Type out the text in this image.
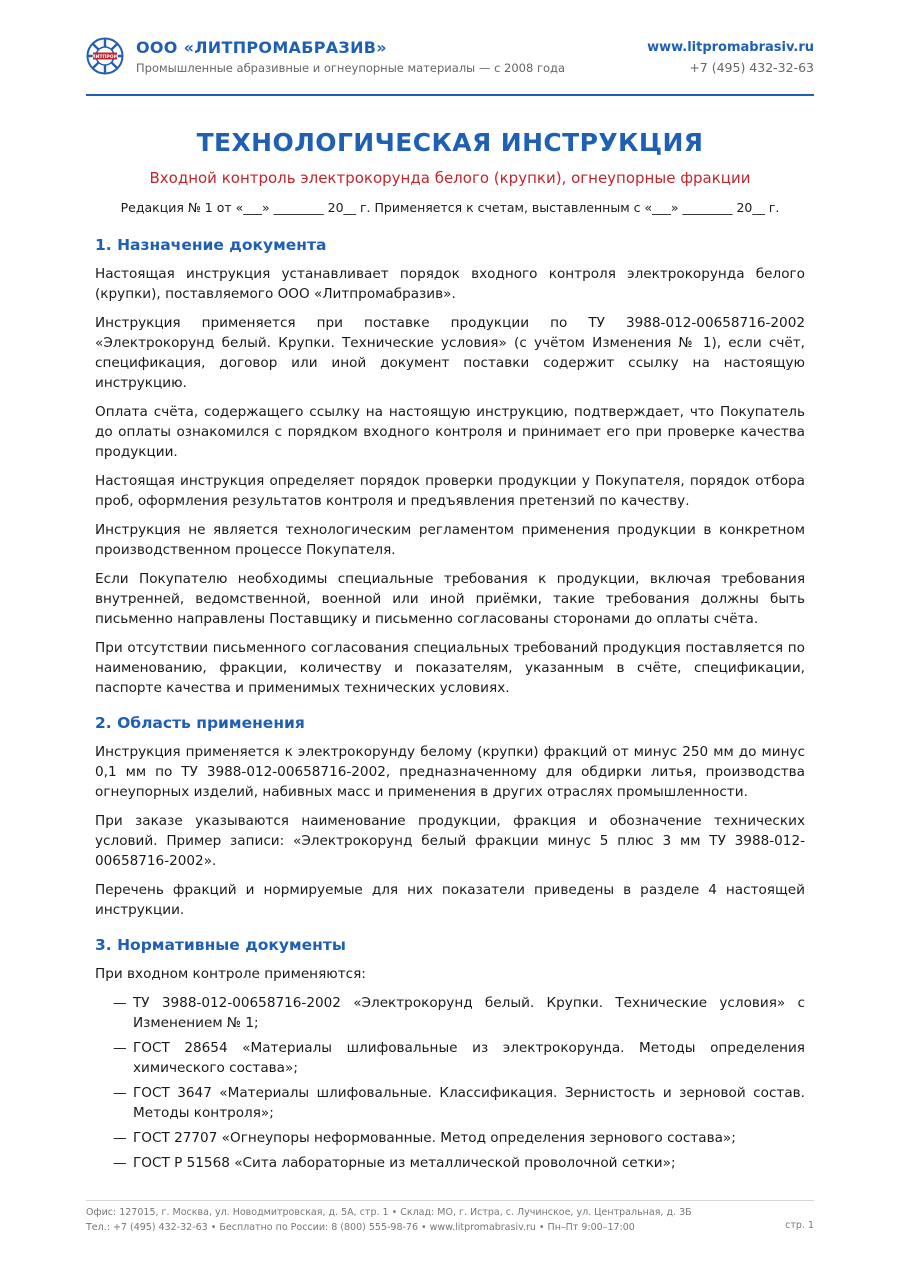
ЛИТПРОМ
ООО «ЛИТПРОМАБРАЗИВ»
Промышленные абразивные и огнеупорные материалы — с 2008 года
www.litpromabrasiv.ru
+7 (495) 432-32-63
ТЕХНОЛОГИЧЕСКАЯ ИНСТРУКЦИЯ
Входной контроль электрокорунда белого (крупки), огнеупорные фракции
Редакция № 1 от «___» ________ 20__ г. Применяется к счетам, выставленным с «___» ________ 20__ г.
1. Назначение документа

Настоящая инструкция устанавливает порядок входного контроля электрокорунда белого (крупки), поставляемого ООО «Литпромабразив».

Инструкция применяется при поставке продукции по ТУ 3988-012-00658716-2002 «Электрокорунд белый. Крупки. Технические условия» (с учётом Изменения № 1), если счёт, спецификация, договор или иной документ поставки содержит ссылку на настоящую инструкцию.

Оплата счёта, содержащего ссылку на настоящую инструкцию, подтверждает, что Покупатель до оплаты ознакомился с порядком входного контроля и принимает его при проверке качества продукции.

Настоящая инструкция определяет порядок проверки продукции у Покупателя, порядок отбора проб, оформления результатов контроля и предъявления претензий по качеству.

Инструкция не является технологическим регламентом применения продукции в конкретном производственном процессе Покупателя.

Если Покупателю необходимы специальные требования к продукции, включая требования внутренней, ведомственной, военной или иной приёмки, такие требования должны быть письменно направлены Поставщику и письменно согласованы сторонами до оплаты счёта.

При отсутствии письменного согласования специальных требований продукция поставляется по наименованию, фракции, количеству и показателям, указанным в счёте, спецификации, паспорте качества и применимых технических условиях.

2. Область применения

Инструкция применяется к электрокорунду белому (крупки) фракций от минус 250 мм до минус 0,1 мм по ТУ 3988-012-00658716-2002, предназначенному для обдирки литья, производства огнеупорных изделий, набивных масс и применения в других отраслях промышленности.

При заказе указываются наименование продукции, фракция и обозначение технических условий. Пример записи: «Электрокорунд белый фракции минус 5 плюс 3 мм ТУ 3988-012-00658716-2002».

Перечень фракций и нормируемые для них показатели приведены в разделе 4 настоящей инструкции.

3. Нормативные документы

При входном контроле применяются:

— ТУ 3988-012-00658716-2002 «Электрокорунд белый. Крупки. Технические условия» с Изменением № 1;
— ГОСТ 28654 «Материалы шлифовальные из электрокорунда. Методы определения химического состава»;
— ГОСТ 3647 «Материалы шлифовальные. Классификация. Зернистость и зерновой состав. Методы контроля»;
— ГОСТ 27707 «Огнеупоры неформованные. Метод определения зернового состава»;
— ГОСТ Р 51568 «Сита лабораторные из металлической проволочной сетки»;
Офис: 127015, г. Москва, ул. Новодмитровская, д. 5А, стр. 1 • Склад: МО, г. Истра, с. Лучинское, ул. Центральная, д. 3Б
Тел.: +7 (495) 432-32-63 • Бесплатно по России: 8 (800) 555-98-76 • www.litpromabrasiv.ru • Пн–Пт 9:00–17:00	стр. 1
